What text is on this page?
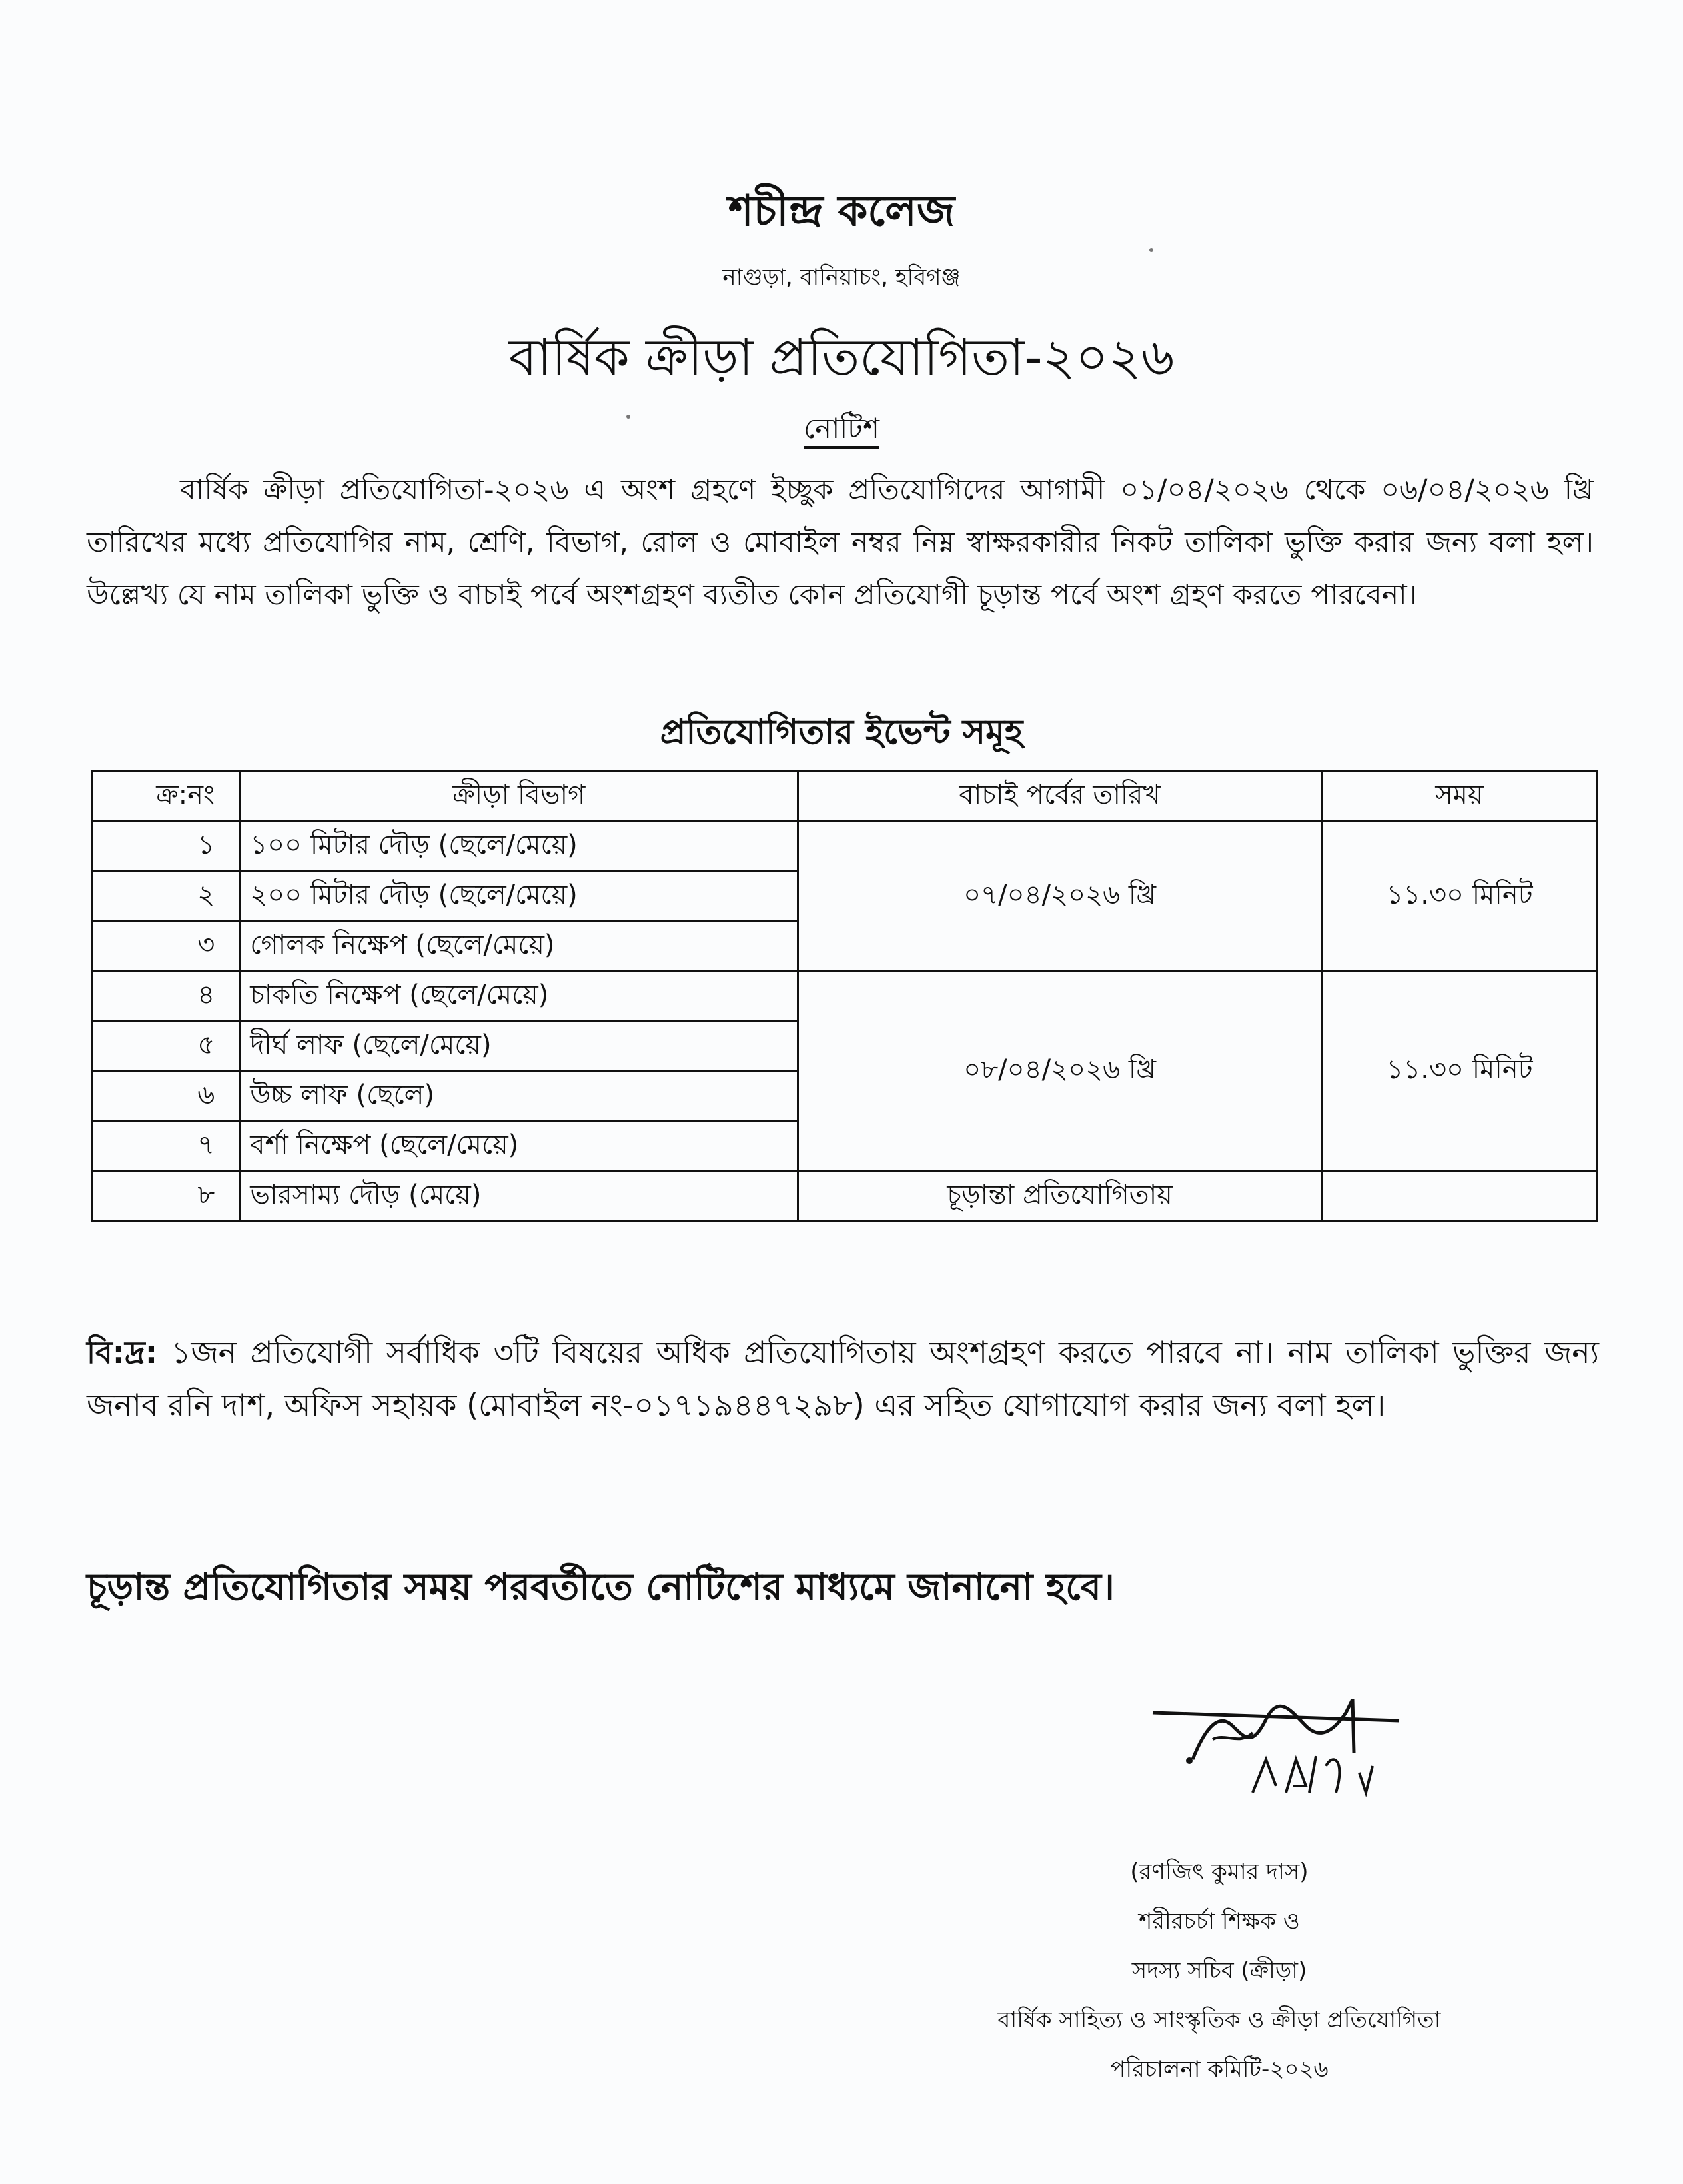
শচীন্দ্র কলেজ
নাগুড়া, বানিয়াচং, হবিগঞ্জ
বার্ষিক ক্রীড়া প্রতিযোগিতা-২০২৬
নোটিশ
বার্ষিক ক্রীড়া প্রতিযোগিতা-২০২৬ এ অংশ গ্রহণে ইচ্ছুক প্রতিযোগিদের আগামী ০১/০৪/২০২৬ থেকে ০৬/০৪/২০২৬ খ্রি তারিখের মধ্যে প্রতিযোগির নাম, শ্রেণি, বিভাগ, রোল ও মোবাইল নম্বর নিম্ন স্বাক্ষরকারীর নিকট তালিকা ভুক্তি করার জন্য বলা হল। উল্লেখ্য যে নাম তালিকা ভুক্তি ও বাচাই পর্বে অংশগ্রহণ ব্যতীত কোন প্রতিযোগী চূড়ান্ত পর্বে অংশ গ্রহণ করতে পারবেনা।
প্রতিযোগিতার ইভেন্ট সমূহ
ক্র:নং	ক্রীড়া বিভাগ	বাচাই পর্বের তারিখ	সময়
১	১০০ মিটার দৌড় (ছেলে/মেয়ে)	০৭/০৪/২০২৬ খ্রি	১১.৩০ মিনিট
২	২০০ মিটার দৌড় (ছেলে/মেয়ে)		
৩	গোলক নিক্ষেপ (ছেলে/মেয়ে)		
৪	চাকতি নিক্ষেপ (ছেলে/মেয়ে)	০৮/০৪/২০২৬ খ্রি	১১.৩০ মিনিট
৫	দীর্ঘ লাফ (ছেলে/মেয়ে)		
৬	উচ্চ লাফ (ছেলে)		
৭	বর্শা নিক্ষেপ (ছেলে/মেয়ে)		
৮	ভারসাম্য দৌড় (মেয়ে)	চূড়ান্তা প্রতিযোগিতায়	
বি:দ্র: ১জন প্রতিযোগী সর্বাধিক ৩টি বিষয়ের অধিক প্রতিযোগিতায় অংশগ্রহণ করতে পারবে না। নাম তালিকা ভুক্তির জন্য জনাব রনি দাশ, অফিস সহায়ক (মোবাইল নং-০১৭১৯৪৪৭২৯৮) এর সহিত যোগাযোগ করার জন্য বলা হল।
চূড়ান্ত প্রতিযোগিতার সময় পরবর্তীতে নোটিশের মাধ্যমে জানানো হবে।
(রণজিৎ কুমার দাস)
শরীরচর্চা শিক্ষক ও
সদস্য সচিব (ক্রীড়া)
বার্ষিক সাহিত্য ও সাংস্কৃতিক ও ক্রীড়া প্রতিযোগিতা
পরিচালনা কমিটি-২০২৬
